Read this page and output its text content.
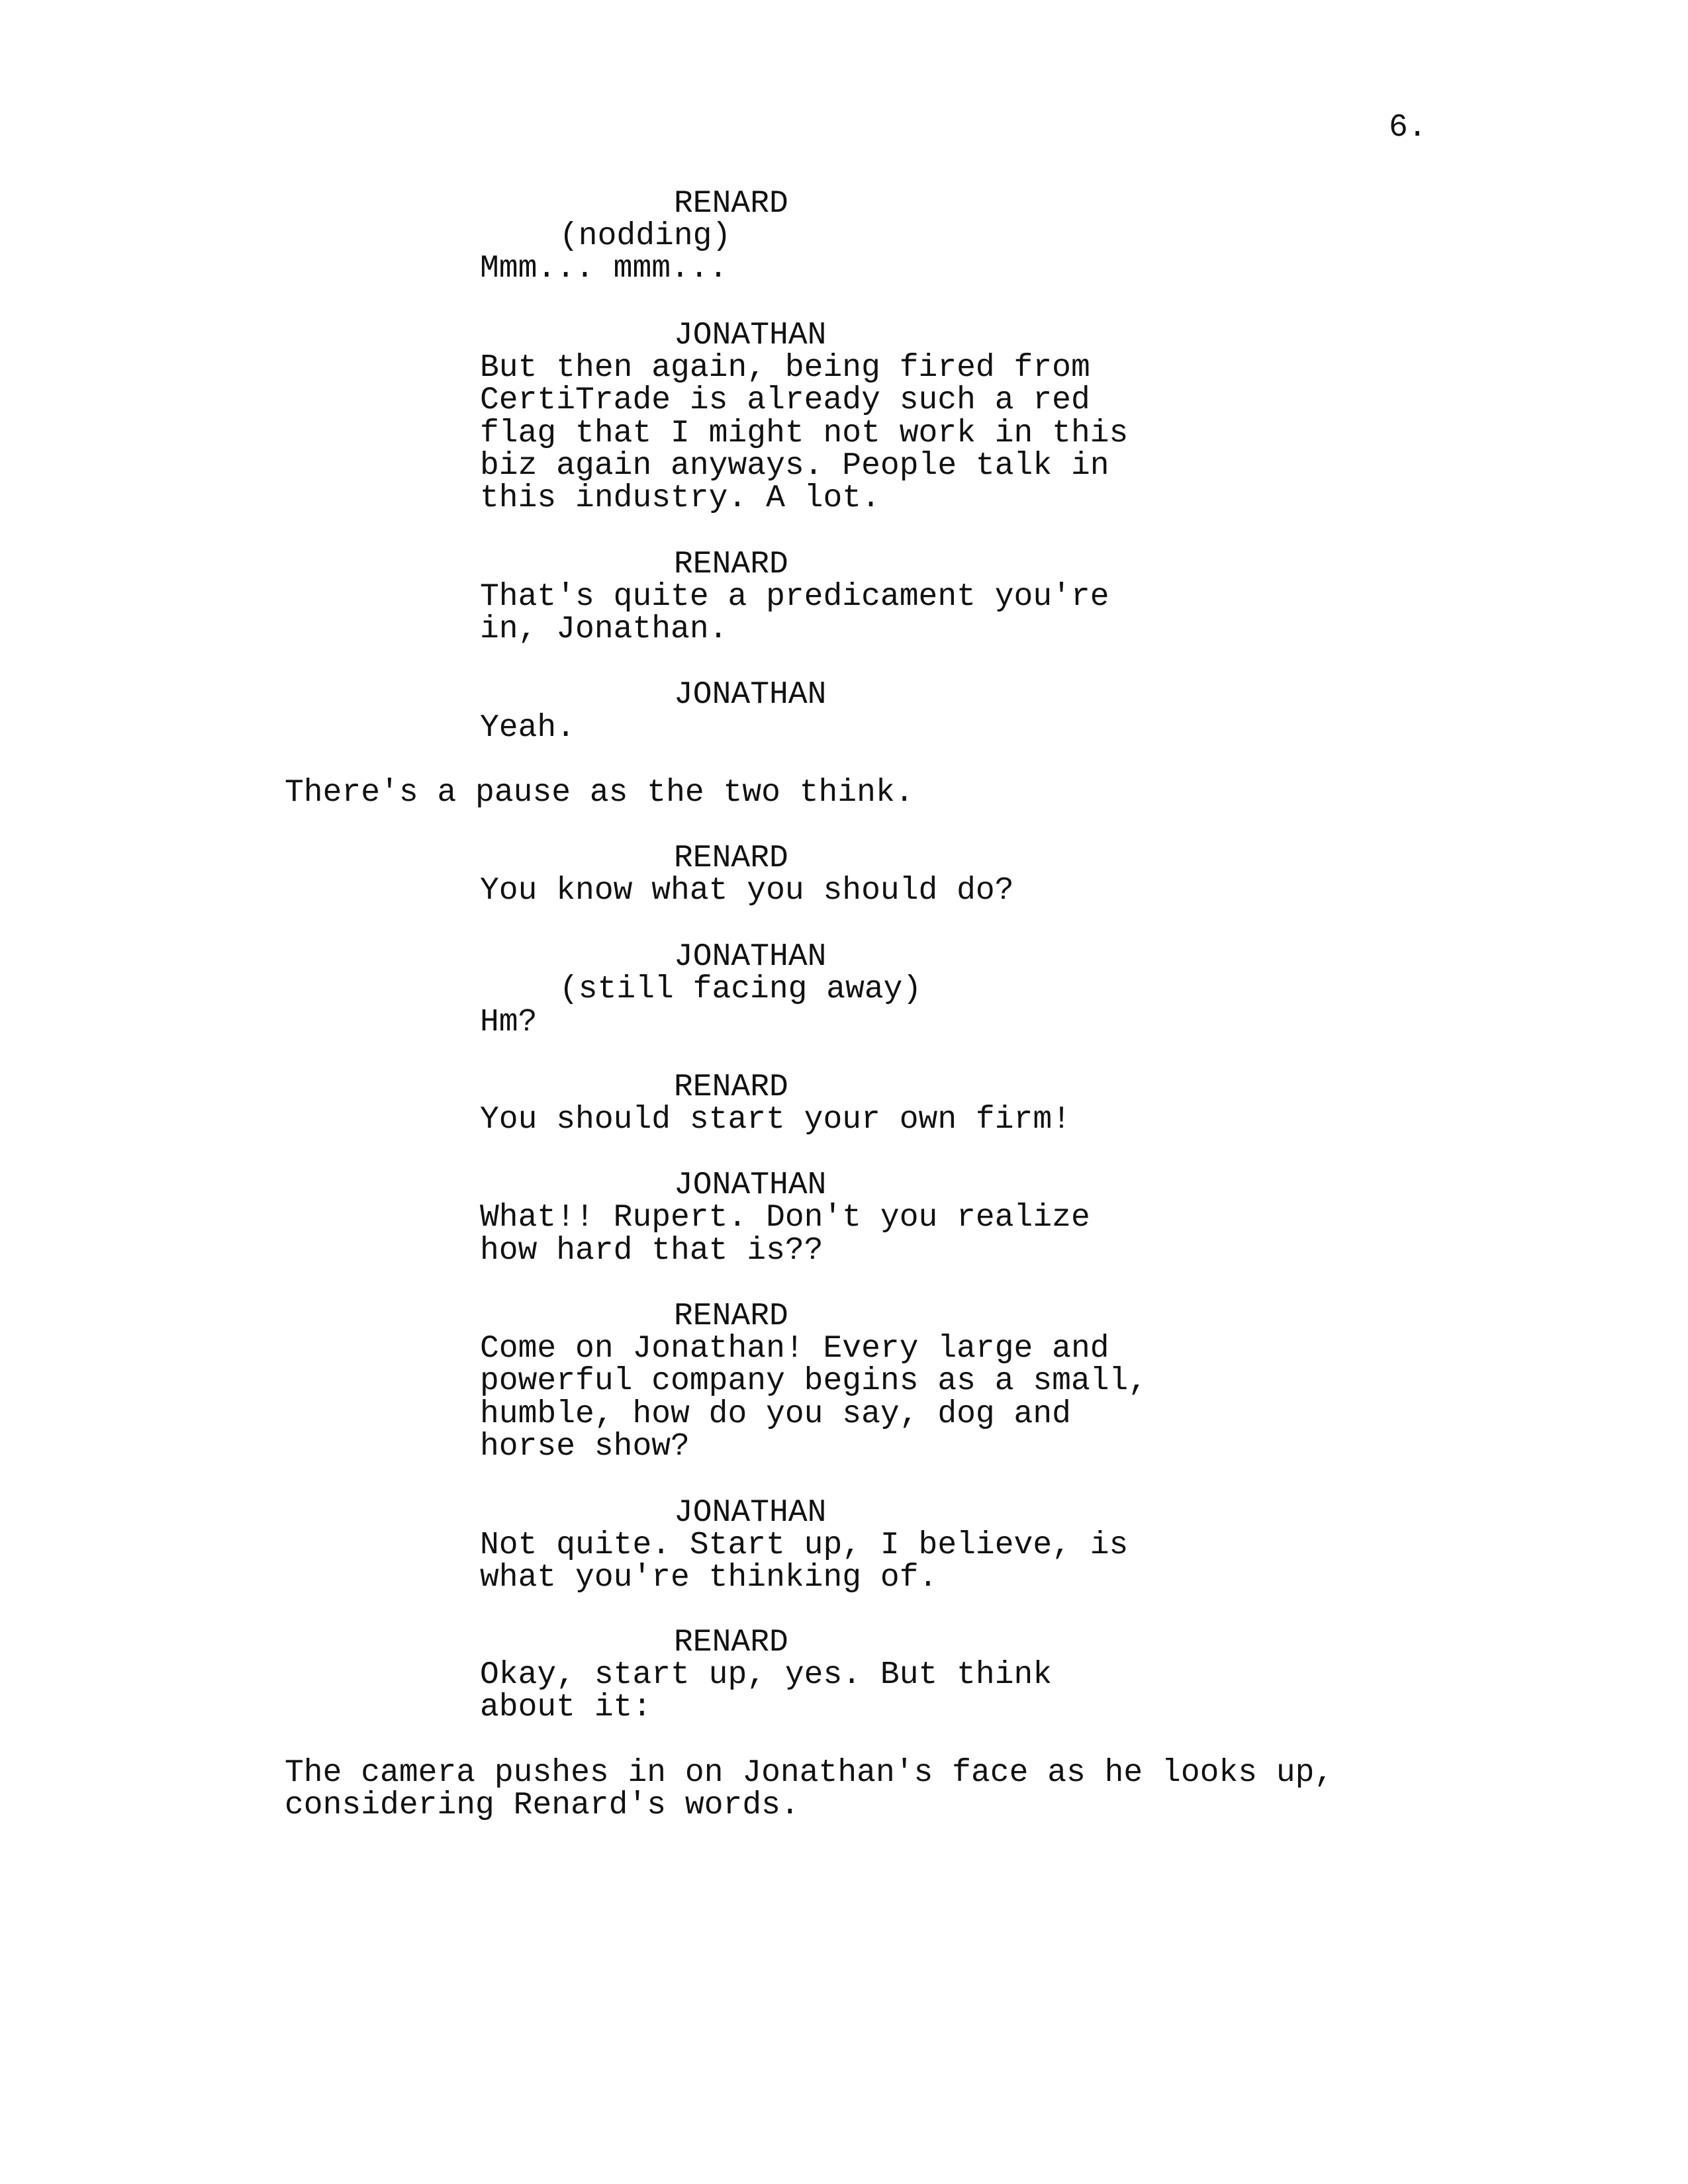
6.
RENARD
(nodding)
Mmm... mmm...
JONATHAN
But then again, being fired from
CertiTrade is already such a red
flag that I might not work in this
biz again anyways. People talk in
this industry. A lot.
RENARD
That's quite a predicament you're
in, Jonathan.
JONATHAN
Yeah.
There's a pause as the two think.
RENARD
You know what you should do?
JONATHAN
(still facing away)
Hm?
RENARD
You should start your own firm!
JONATHAN
What!! Rupert. Don't you realize
how hard that is??
RENARD
Come on Jonathan! Every large and
powerful company begins as a small,
humble, how do you say, dog and
horse show?
JONATHAN
Not quite. Start up, I believe, is
what you're thinking of.
RENARD
Okay, start up, yes. But think
about it:
The camera pushes in on Jonathan's face as he looks up,
considering Renard's words.
